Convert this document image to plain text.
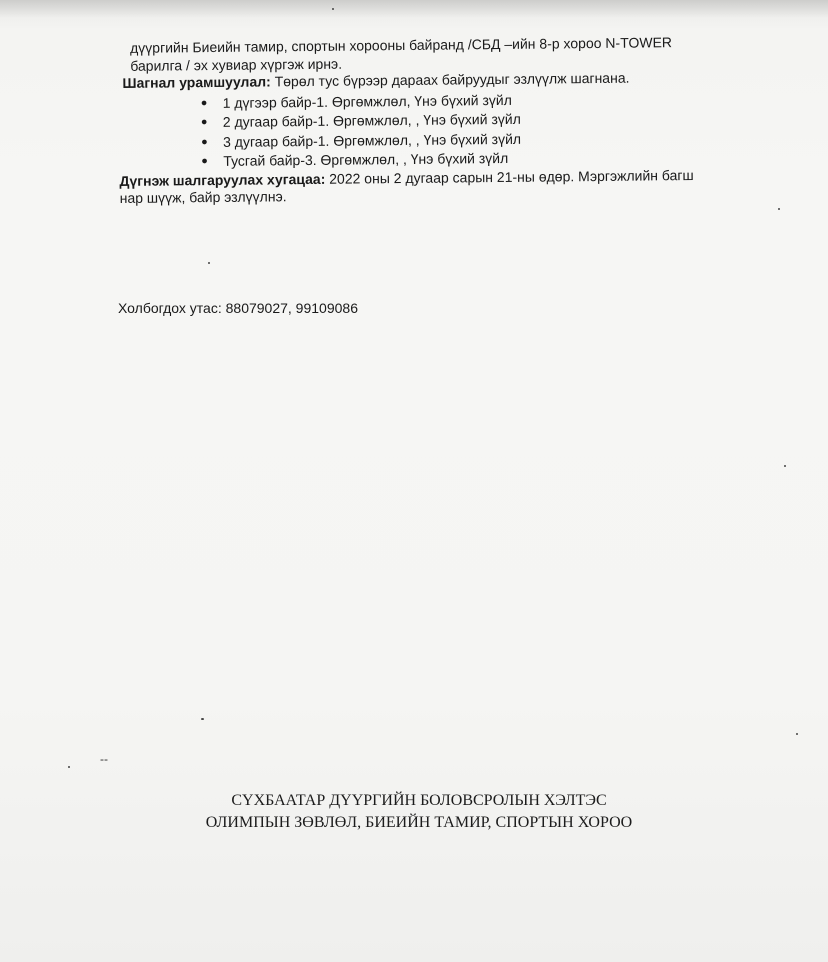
дүүргийн Биеийн тамир, спортын хорооны байранд /СБД –ийн 8-р хороо N-TOWER
барилга / эх хувиар хүргэж ирнэ.
Шагнал урамшуулал: Төрөл тус бүрээр дараах байруудыг эзлүүлж шагнана.
● 1 дүгээр байр-1. Өргөмжлөл, Үнэ бүхий зүйл
● 2 дугаар байр-1. Өргөмжлөл, , Үнэ бүхий зүйл
● 3 дугаар байр-1. Өргөмжлөл, , Үнэ бүхий зүйл
● Тусгай байр-3. Өргөмжлөл, , Үнэ бүхий зүйл
Дүгнэж шалгаруулах хугацаа: 2022 оны 2 дугаар сарын 21-ны өдөр. Мэргэжлийн багш
нар шүүж, байр эзлүүлнэ.
Холбогдох утас: 88079027, 99109086
--
СҮХБААТАР ДҮҮРГИЙН БОЛОВСРОЛЫН ХЭЛТЭС
ОЛИМПЫН ЗӨВЛӨЛ, БИЕИЙН ТАМИР, СПОРТЫН ХОРОО
